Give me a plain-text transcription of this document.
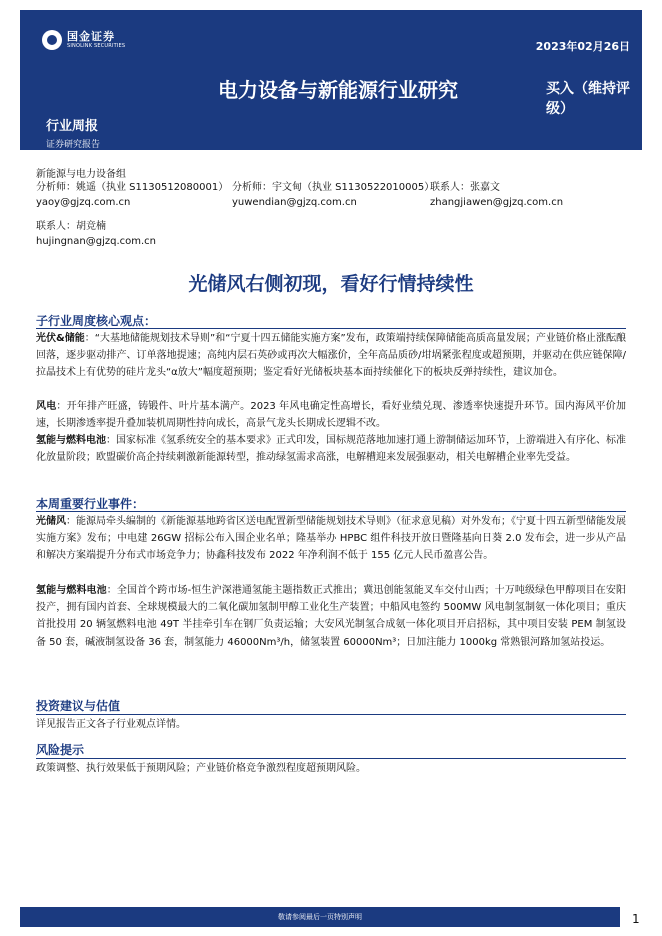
国金证券
SINOLINK SECURITIES	2023年02月26日
电力设备与新能源行业研究	买入（维持评级）
行业周报
证券研究报告
新能源与电力设备组
分析师：姚遥（执业 S1130512080001）
yaoy@gjzq.com.cn
分析师：宇文甸（执业 S1130522010005）
yuwendian@gjzq.com.cn
联系人：张嘉文
zhangjiawen@gjzq.com.cn
联系人：胡竞楠
hujingnan@gjzq.com.cn
光储风右侧初现，看好行情持续性
子行业周度核心观点：
光伏&储能：“大基地储能规划技术导则”和“宁夏十四五储能实施方案”发布，政策端持续保障储能高质高量发展；产业链价格止涨酝酿回落，逐步驱动排产、订单落地提速；高纯内层石英砂或再次大幅涨价，全年高品质砂/坩埚紧张程度或超预期，并驱动在供应链保障/拉晶技术上有优势的硅片龙头“α放大”幅度超预期；鉴定看好光储板块基本面持续催化下的板块反弹持续性，建议加仓。
风电：开年排产旺盛，铸锻件、叶片基本满产。2023 年风电确定性高增长，看好业绩兑现、渗透率快速提升环节。国内海风平价加速，长期渗透率提升叠加装机周期性持向成长，高景气龙头长期成长逻辑不改。
氢能与燃料电池：国家标准《氢系统安全的基本要求》正式印发，国标规范落地加速打通上游制储运加环节，上游端进入有序化、标准化放量阶段；欧盟碳价高企持续刺激新能源转型，推动绿氢需求高涨，电解槽迎来发展强驱动，相关电解槽企业率先受益。
本周重要行业事件：
光储风：能源局牵头编制的《新能源基地跨省区送电配置新型储能规划技术导则》（征求意见稿）对外发布；《宁夏十四五新型储能发展实施方案》发布；中电建 26GW 招标公布入围企业名单；隆基举办 HPBC 组件科技开放日暨隆基向日葵 2.0 发布会，进一步从产品和解决方案端提升分布式市场竞争力；协鑫科技发布 2022 年净利润不低于 155 亿元人民币盈喜公告。
氢能与燃料电池：全国首个跨市场-恒生沪深港通氢能主题指数正式推出；冀迅创能氢能叉车交付山西；十万吨级绿色甲醇项目在安阳投产，拥有国内首套、全球规模最大的二氧化碳加氢制甲醇工业化生产装置；中船风电签约 500MW 风电制氢制氨一体化项目；重庆首批投用 20 辆氢燃料电池 49T 半挂牵引车在钢厂负责运输；大安风光制氢合成氨一体化项目开启招标，其中项目安装 PEM 制氢设备 50 套，碱液制氢设备 36 套，制氢能力 46000Nm³/h，储氢装置 60000Nm³；日加注能力 1000kg 常熟银河路加氢站投运。
投资建议与估值
详见报告正文各子行业观点详情。
风险提示
政策调整、执行效果低于预期风险；产业链价格竞争激烈程度超预期风险。
敬请参阅最后一页特别声明	1
